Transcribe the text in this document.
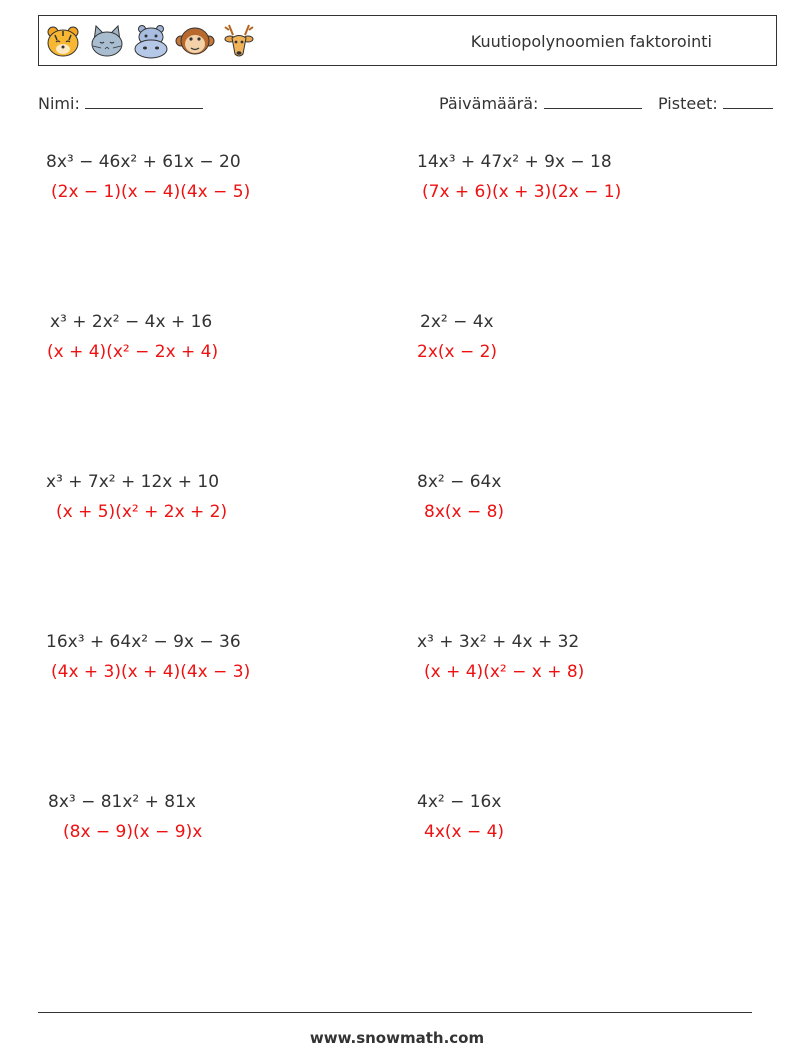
Kuutiopolynoomien faktorointi
Nimi:	Päivämäärä:	Pisteet:
8x³ − 46x² + 61x − 20
(2x − 1)(x − 4)(4x − 5)
14x³ + 47x² + 9x − 18
(7x + 6)(x + 3)(2x − 1)
x³ + 2x² − 4x + 16
(x + 4)(x² − 2x + 4)
2x² − 4x
2x(x − 2)
x³ + 7x² + 12x + 10
(x + 5)(x² + 2x + 2)
8x² − 64x
8x(x − 8)
16x³ + 64x² − 9x − 36
(4x + 3)(x + 4)(4x − 3)
x³ + 3x² + 4x + 32
(x + 4)(x² − x + 8)
8x³ − 81x² + 81x
(8x − 9)(x − 9)x
4x² − 16x
4x(x − 4)
www.snowmath.com
